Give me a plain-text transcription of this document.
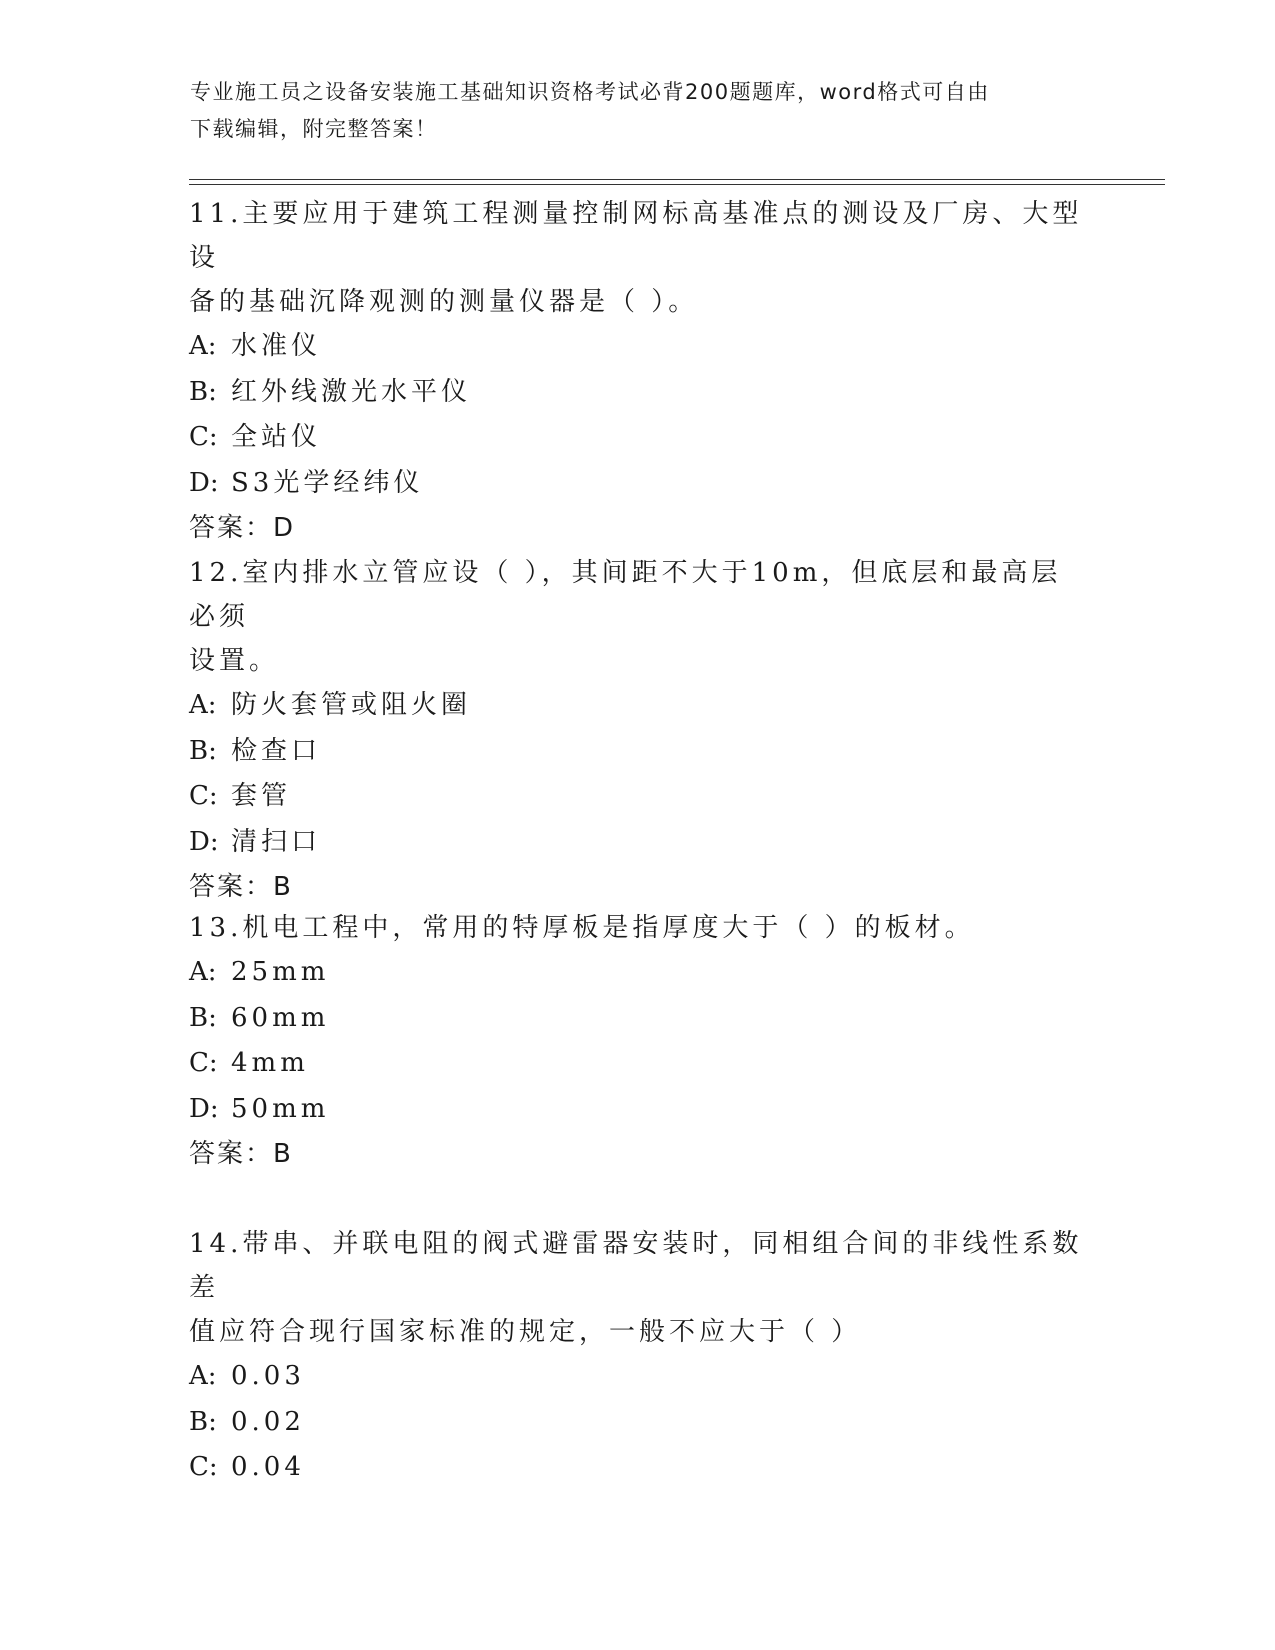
专业施工员之设备安装施工基础知识资格考试必背200题题库，word格式可自由
下载编辑，附完整答案！

11.主要应用于建筑工程测量控制网标高基准点的测设及厂房、大型设

备的基础沉降观测的测量仪器是（ ）。

A: 水准仪

B: 红外线激光水平仪

C: 全站仪

D: S3光学经纬仪

答案：D

12.室内排水立管应设（ ），其间距不大于10m，但底层和最高层必须

设置。

A: 防火套管或阻火圈

B: 检查口

C: 套管

D: 清扫口

答案：B

13.机电工程中，常用的特厚板是指厚度大于（ ）的板材。

A: 25mm

B: 60mm

C: 4mm

D: 50mm

答案：B

14.带串、并联电阻的阀式避雷器安装时，同相组合间的非线性系数差

值应符合现行国家标准的规定，一般不应大于（ ）

A: 0.03

B: 0.02

C: 0.04
